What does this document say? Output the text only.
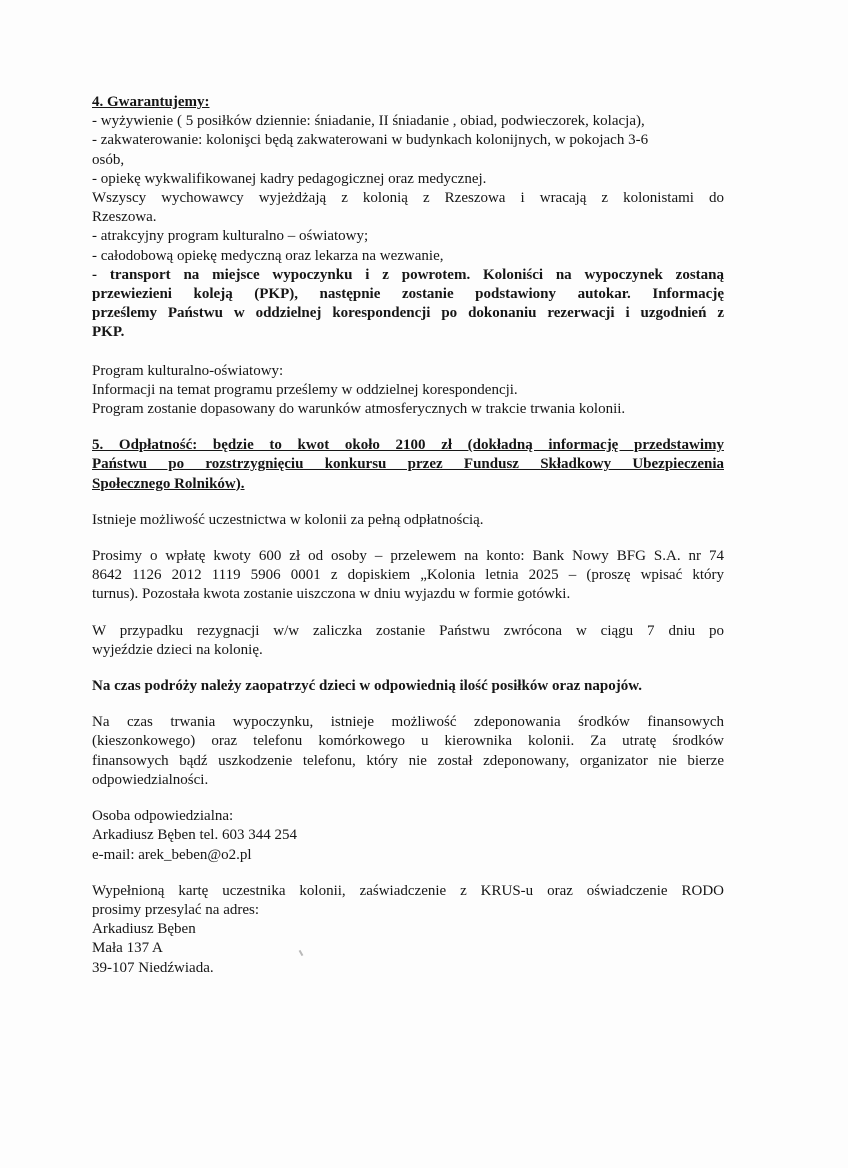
4. Gwarantujemy:
- wyżywienie ( 5 posiłków dziennie: śniadanie, II śniadanie , obiad, podwieczorek, kolacja),
- zakwaterowanie: kolonişci będą zakwaterowani w budynkach kolonijnych, w pokojach 3-6
osób,
- opiekę wykwalifikowanej kadry pedagogicznej oraz medycznej.
Wszyscy wychowawcy wyjeżdżają z kolonią z Rzeszowa i wracają z kolonistami do
Rzeszowa.
- atrakcyjny program kulturalno – oświatowy;
- całodobową opiekę medyczną oraz lekarza na wezwanie,
- transport na miejsce wypoczynku i z powrotem. Koloniści na wypoczynek zostaną
przewiezieni koleją (PKP), następnie zostanie podstawiony autokar. Informację
prześlemy Państwu w oddzielnej korespondencji po dokonaniu rezerwacji i uzgodnień z
PKP.
Program kulturalno-oświatowy:
Informacji na temat programu prześlemy w oddzielnej korespondencji.
Program zostanie dopasowany do warunków atmosferycznych w trakcie trwania kolonii.
5. Odpłatność: będzie to kwot około 2100 zł (dokładną informację przedstawimy
Państwu po rozstrzygnięciu konkursu przez Fundusz Składkowy Ubezpieczenia
Społecznego Rolników).
Istnieje możliwość uczestnictwa w kolonii za pełną odpłatnością.
Prosimy o wpłatę kwoty 600 zł od osoby – przelewem na konto: Bank Nowy BFG S.A. nr 74
8642 1126 2012 1119 5906 0001 z dopiskiem „Kolonia letnia 2025 – (proszę wpisać który
turnus). Pozostała kwota zostanie uiszczona w dniu wyjazdu w formie gotówki.
W przypadku rezygnacji w/w zaliczka zostanie Państwu zwrócona w ciągu 7 dniu po
wyjeździe dzieci na kolonię.
Na czas podróży należy zaopatrzyć dzieci w odpowiednią ilość posiłków oraz napojów.
Na czas trwania wypoczynku, istnieje możliwość zdeponowania środków finansowych
(kieszonkowego) oraz telefonu komórkowego u kierownika kolonii. Za utratę środków
finansowych bądź uszkodzenie telefonu, który nie został zdeponowany, organizator nie bierze
odpowiedzialności.
Osoba odpowiedzialna:
Arkadiusz Bęben tel. 603 344 254
e-mail: arek_beben@o2.pl
Wypełnioną kartę uczestnika kolonii, zaświadczenie z KRUS-u oraz oświadczenie RODO
prosimy przesylać na adres:
Arkadiusz Bęben
Mała 137 A
39-107 Niedźwiada.
